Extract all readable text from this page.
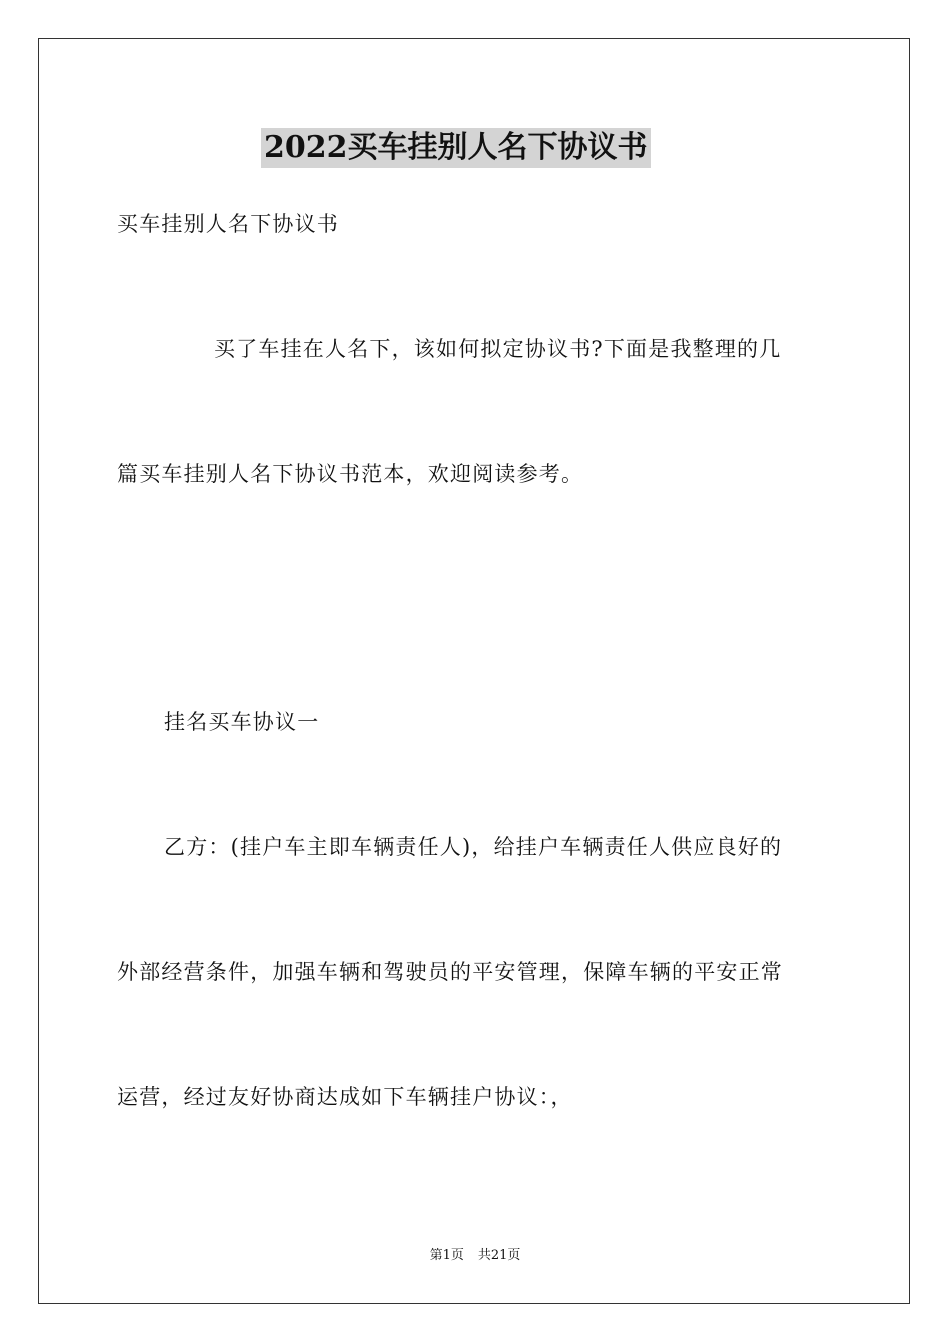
2022买车挂别人名下协议书
买车挂别人名下协议书
买了车挂在人名下，该如何拟定协议书?下面是我整理的几
篇买车挂别人名下协议书范本，欢迎阅读参考。
挂名买车协议一
乙方：(挂户车主即车辆责任人)，给挂户车辆责任人供应良好的
外部经营条件，加强车辆和驾驶员的平安管理，保障车辆的平安正常
运营，经过友好协商达成如下车辆挂户协议：，
第1页 共21页
